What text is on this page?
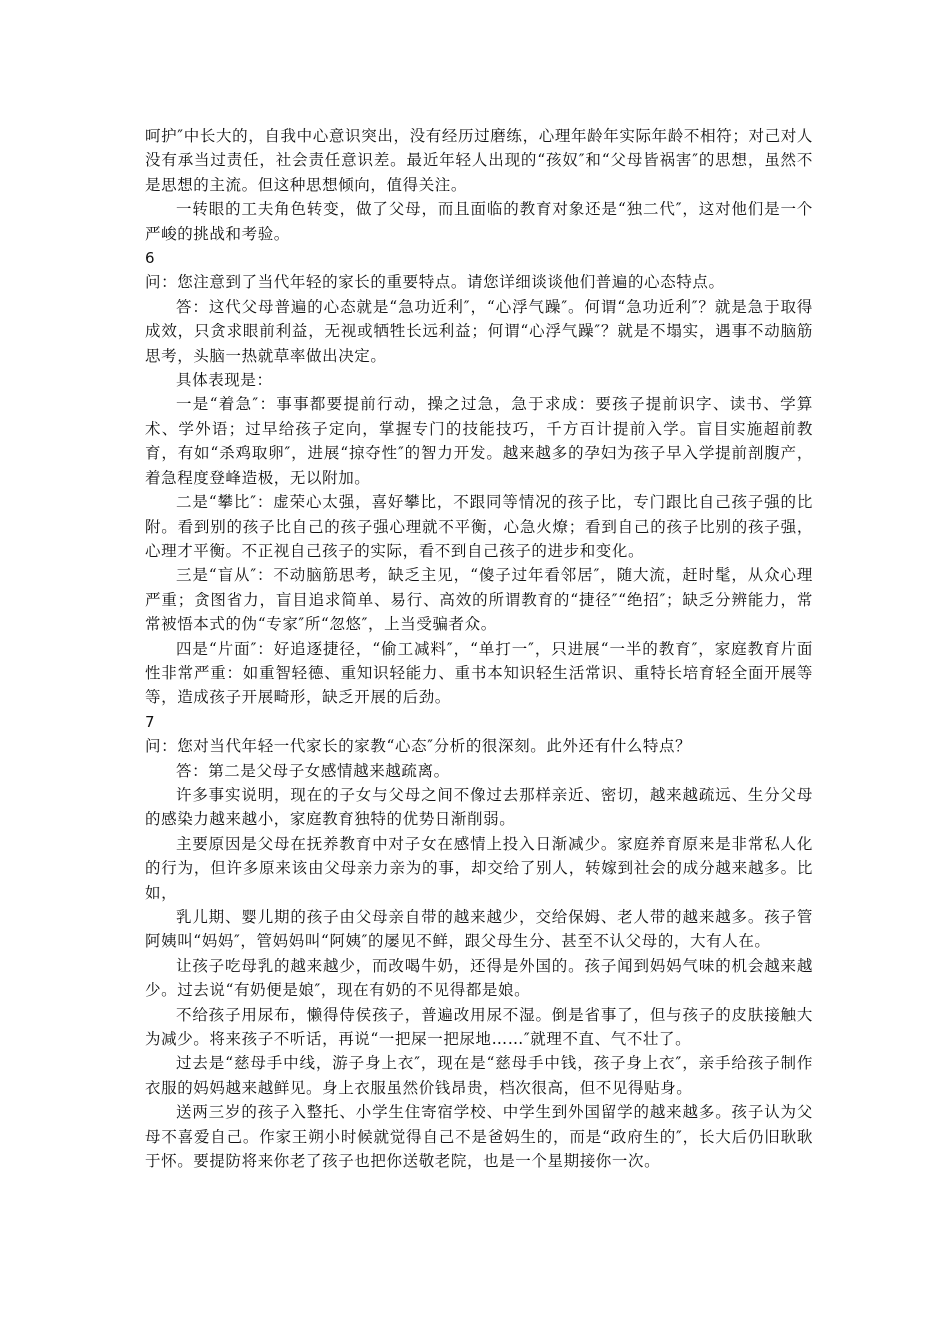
呵护″中长大的，自我中心意识突出，没有经历过磨练，心理年龄年实际年龄不相符；对己对人没有承当过责任，社会责任意识差。最近年轻人出现的“孩奴″和“父母皆祸害″的思想，虽然不是思想的主流。但这种思想倾向，值得关注。

一转眼的工夫角色转变，做了父母，而且面临的教育对象还是“独二代″，这对他们是一个严峻的挑战和考验。

6

问：您注意到了当代年轻的家长的重要特点。请您详细谈谈他们普遍的心态特点。

答：这代父母普遍的心态就是“急功近利″，“心浮气躁″。何谓“急功近利″？就是急于取得成效，只贪求眼前利益，无视或牺牲长远利益；何谓“心浮气躁″？就是不塌实，遇事不动脑筋思考，头脑一热就草率做出决定。

具体表现是：

一是“着急″：事事都要提前行动，操之过急，急于求成：要孩子提前识字、读书、学算术、学外语；过早给孩子定向，掌握专门的技能技巧，千方百计提前入学。盲目实施超前教育，有如“杀鸡取卵″，进展“掠夺性″的智力开发。越来越多的孕妇为孩子早入学提前剖腹产，着急程度登峰造极，无以附加。

二是“攀比″：虚荣心太强，喜好攀比，不跟同等情况的孩子比，专门跟比自己孩子强的比附。看到别的孩子比自己的孩子强心理就不平衡，心急火燎；看到自己的孩子比别的孩子强，心理才平衡。不正视自己孩子的实际，看不到自己孩子的进步和变化。

三是“盲从″：不动脑筋思考，缺乏主见，“傻子过年看邻居″，随大流，赶时髦，从众心理严重；贪图省力，盲目追求简单、易行、高效的所谓教育的“捷径″“绝招″；缺乏分辨能力，常常被悟本式的伪“专家″所“忽悠″，上当受骗者众。

四是“片面″：好追逐捷径，“偷工减料″，“单打一″，只进展“一半的教育″，家庭教育片面性非常严重：如重智轻德、重知识轻能力、重书本知识轻生活常识、重特长培育轻全面开展等等，造成孩子开展畸形，缺乏开展的后劲。

7

问：您对当代年轻一代家长的家教“心态″分析的很深刻。此外还有什么特点？

答：第二是父母子女感情越来越疏离。

许多事实说明，现在的子女与父母之间不像过去那样亲近、密切，越来越疏远、生分父母的感染力越来越小，家庭教育独特的优势日渐削弱。

主要原因是父母在抚养教育中对子女在感情上投入日渐减少。家庭养育原来是非常私人化的行为，但许多原来该由父母亲力亲为的事，却交给了别人，转嫁到社会的成分越来越多。比如，

乳儿期、婴儿期的孩子由父母亲自带的越来越少，交给保姆、老人带的越来越多。孩子管阿姨叫“妈妈″，管妈妈叫“阿姨″的屡见不鲜，跟父母生分、甚至不认父母的，大有人在。

让孩子吃母乳的越来越少，而改喝牛奶，还得是外国的。孩子闻到妈妈气味的机会越来越少。过去说“有奶便是娘″，现在有奶的不见得都是娘。

不给孩子用尿布，懒得侍侯孩子，普遍改用尿不湿。倒是省事了，但与孩子的皮肤接触大为减少。将来孩子不听话，再说“一把屎一把尿地……″就理不直、气不壮了。

过去是“慈母手中线，游子身上衣″，现在是“慈母手中钱，孩子身上衣″，亲手给孩子制作衣服的妈妈越来越鲜见。身上衣服虽然价钱昂贵，档次很高，但不见得贴身。

送两三岁的孩子入整托、小学生住寄宿学校、中学生到外国留学的越来越多。孩子认为父母不喜爱自己。作家王朔小时候就觉得自己不是爸妈生的，而是“政府生的″，长大后仍旧耿耿于怀。要提防将来你老了孩子也把你送敬老院，也是一个星期接你一次。
